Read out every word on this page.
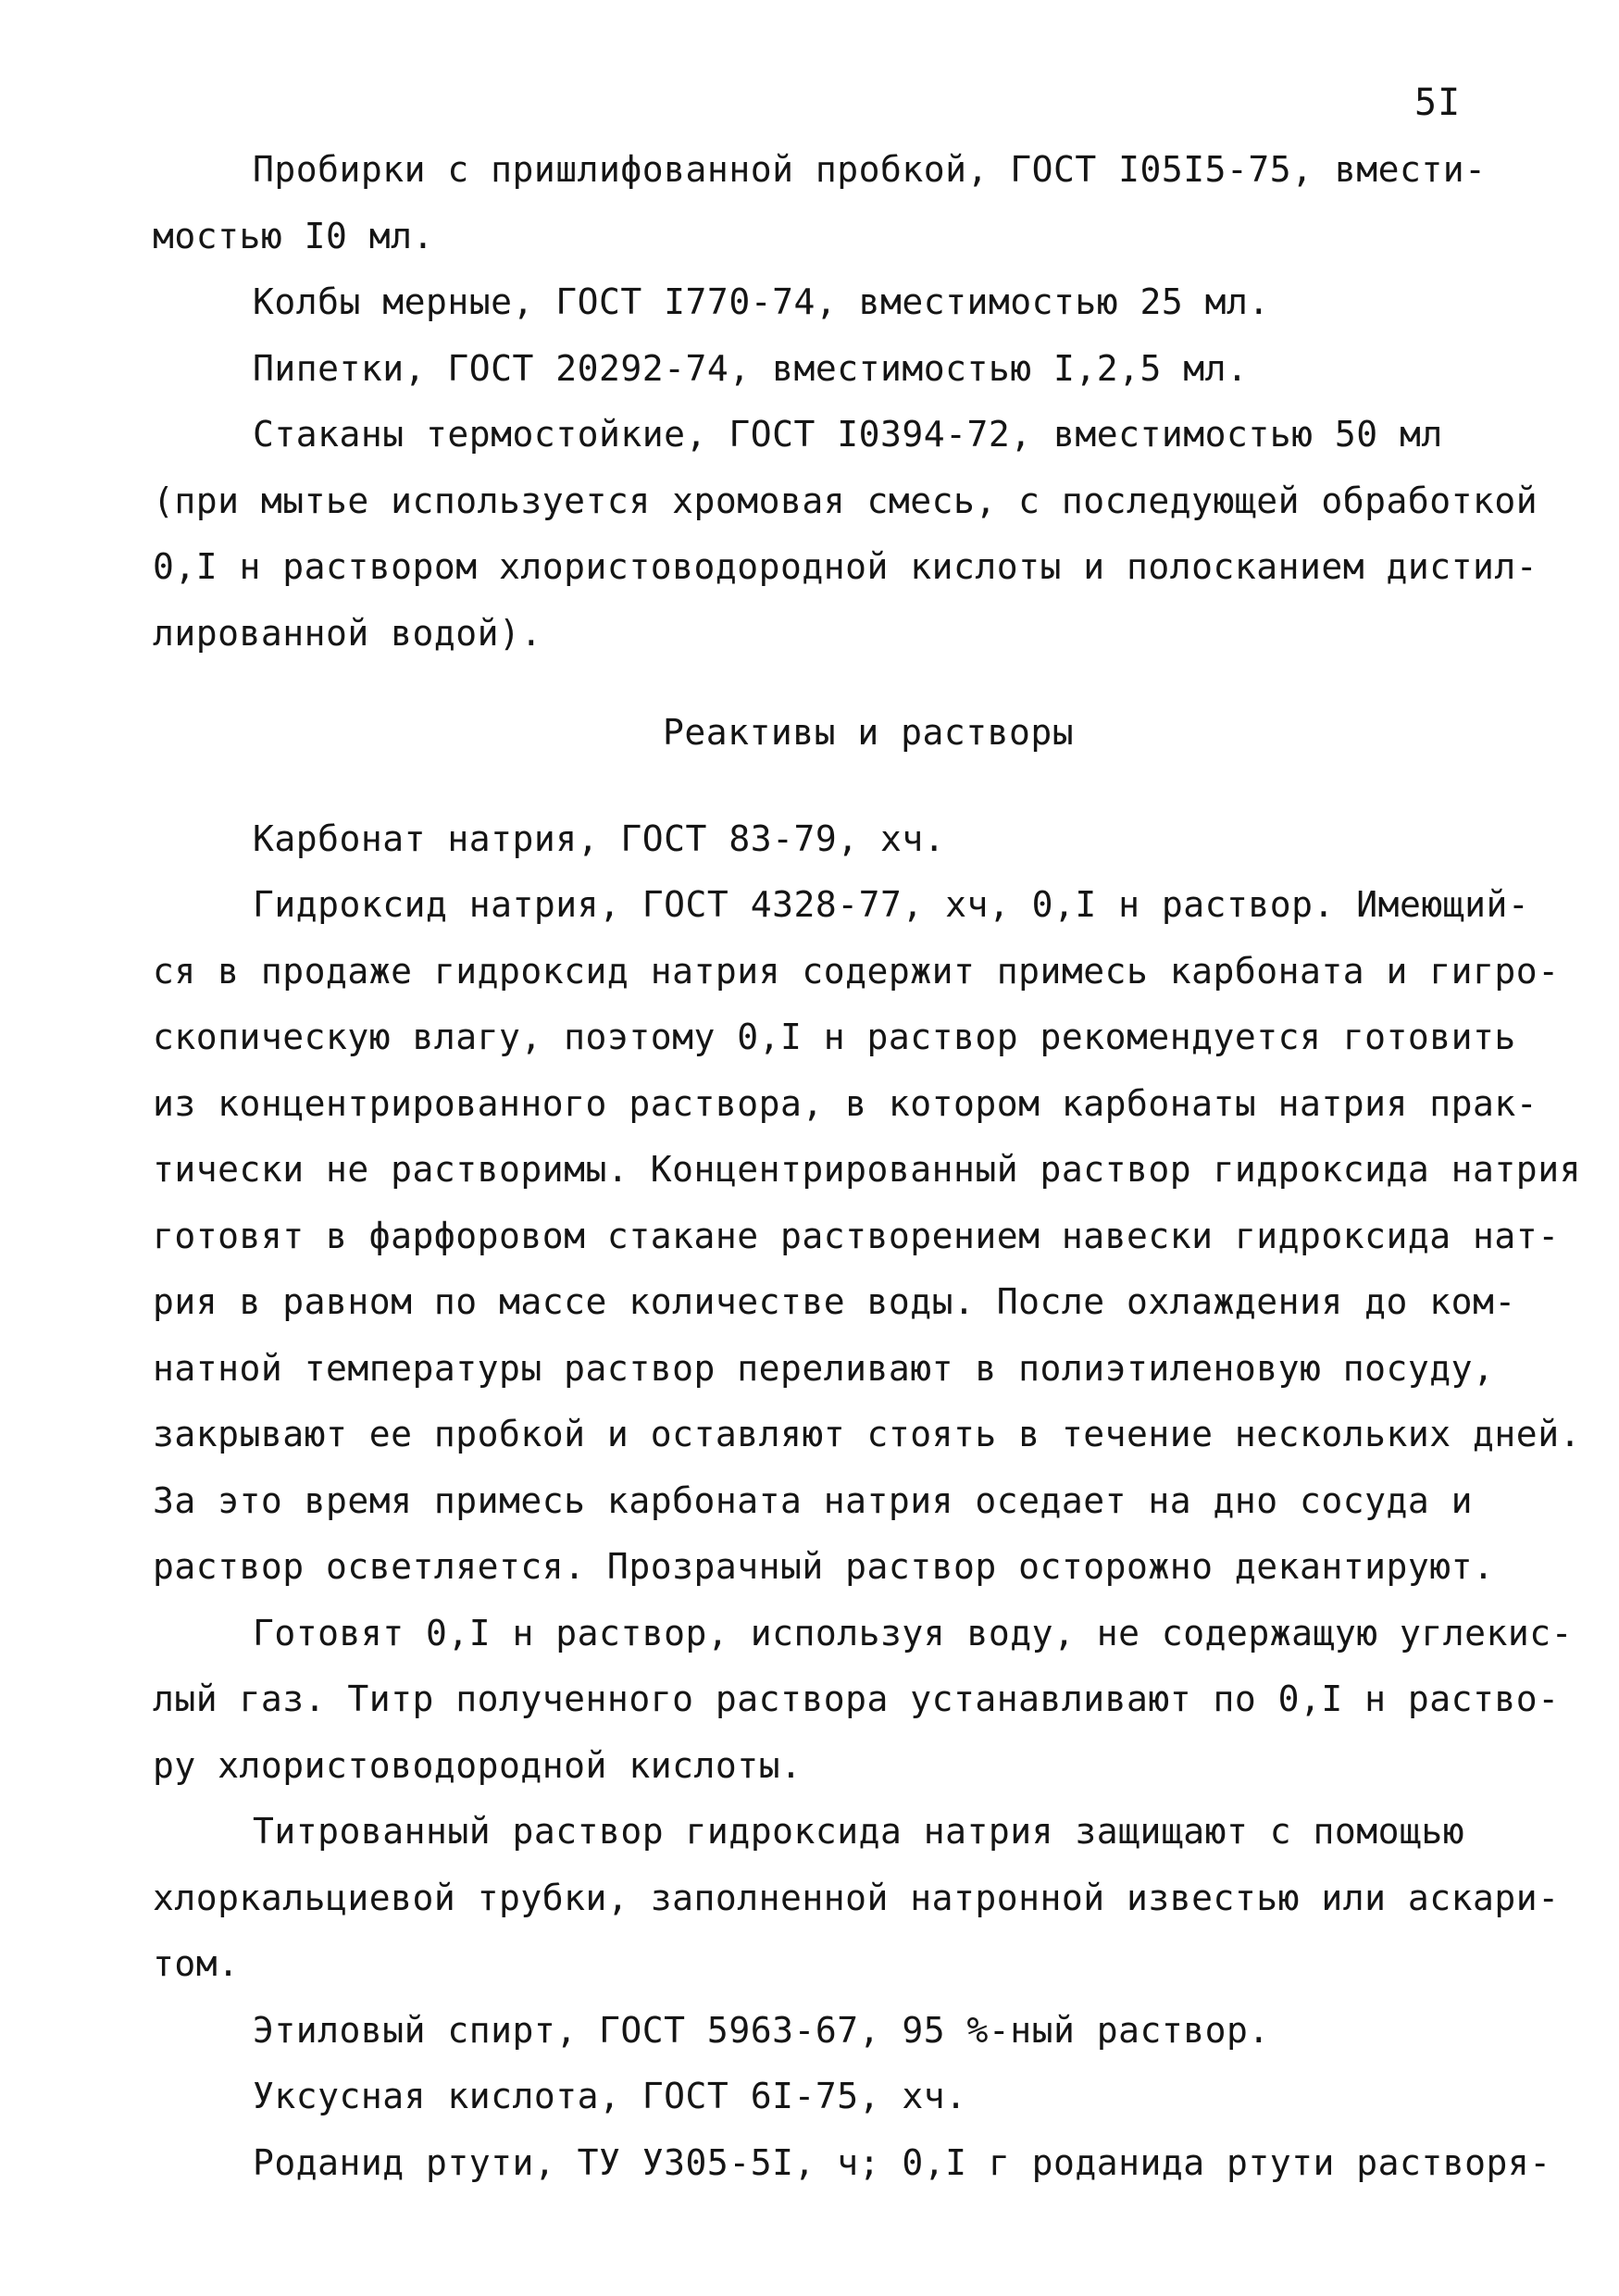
5I
Пробирки с пришлифованной пробкой, ГОСТ I05I5-75, вмести-
мостью I0 мл.
Колбы мерные, ГОСТ I770-74, вместимостью 25 мл.
Пипетки, ГОСТ 20292-74, вместимостью I,2,5 мл.
Стаканы термостойкие, ГОСТ I0394-72, вместимостью 50 мл
(при мытье используется хромовая смесь, с последующей обработкой
0,I н раствором хлористоводородной кислоты и полосканием дистил-
лированной водой).
Реактивы и растворы
Карбонат натрия, ГОСТ 83-79, хч.
Гидроксид натрия, ГОСТ 4328-77, хч, 0,I н раствор. Имеющий-
ся в продаже гидроксид натрия содержит примесь карбоната и гигро-
скопическую влагу, поэтому 0,I н раствор рекомендуется готовить
из концентрированного раствора, в котором карбонаты натрия прак-
тически не растворимы. Концентрированный раствор гидроксида натрия
готовят в фарфоровом стакане растворением навески гидроксида нат-
рия в равном по массе количестве воды. После охлаждения до ком-
натной температуры раствор переливают в полиэтиленовую посуду,
закрывают ее пробкой и оставляют стоять в течение нескольких дней.
За это время примесь карбоната натрия оседает на дно сосуда и
раствор осветляется. Прозрачный раствор осторожно декантируют.
Готовят 0,I н раствор, используя воду, не содержащую углекис-
лый газ. Титр полученного раствора устанавливают по 0,I н раство-
ру хлористоводородной кислоты.
Титрованный раствор гидроксида натрия защищают с помощью
хлоркальциевой трубки, заполненной натронной известью или аскари-
том.
Этиловый спирт, ГОСТ 5963-67, 95 %-ный раствор.
Уксусная кислота, ГОСТ 6I-75, хч.
Роданид ртути, ТУ У305-5I, ч; 0,I г роданида ртути растворя-
